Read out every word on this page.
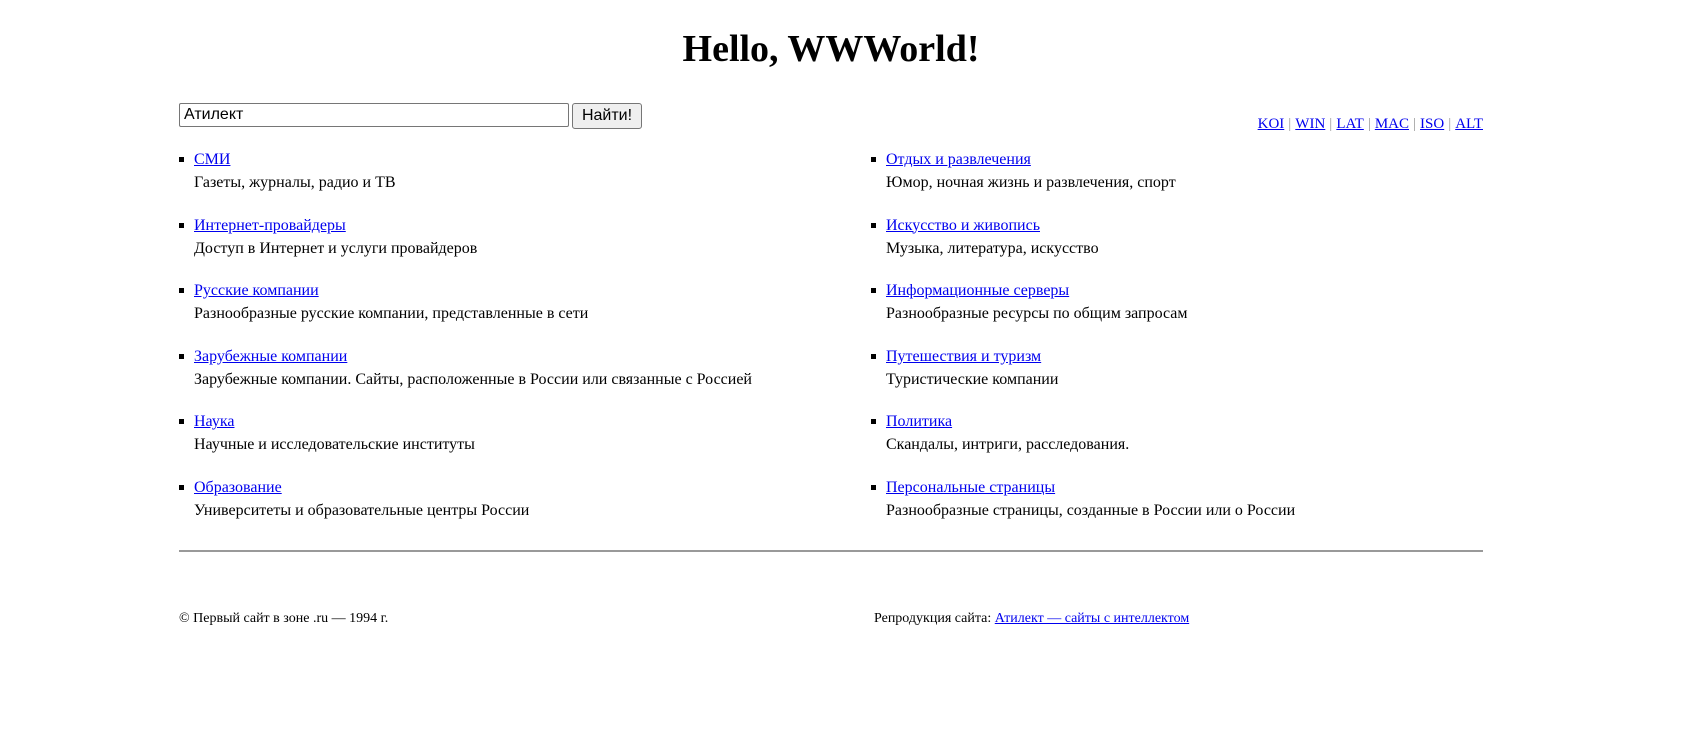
Hello, WWWorld!
Атилект
Найти!	KOI | WIN | LAT | MAC | ISO | ALT
СМИ
Газеты, журналы, радио и ТВ
Интернет-провайдеры
Доступ в Интернет и услуги провайдеров
Русские компании
Разнообразные русские компании, представленные в сети
Зарубежные компании
Зарубежные компании. Сайты, расположенные в России или связанные с Россией
Наука
Научные и исследовательские институты
Образование
Университеты и образовательные центры России
Отдых и развлечения
Юмор, ночная жизнь и развлечения, спорт
Искусство и живопись
Музыка, литература, искусство
Информационные серверы
Разнообразные ресурсы по общим запросам
Путешествия и туризм
Туристические компании
Политика
Скандалы, интриги, расследования.
Персональные страницы
Разнообразные страницы, созданные в России или о России
© Первый сайт в зоне .ru — 1994 г.	Репродукция сайта: Атилект — сайты с интеллектом
